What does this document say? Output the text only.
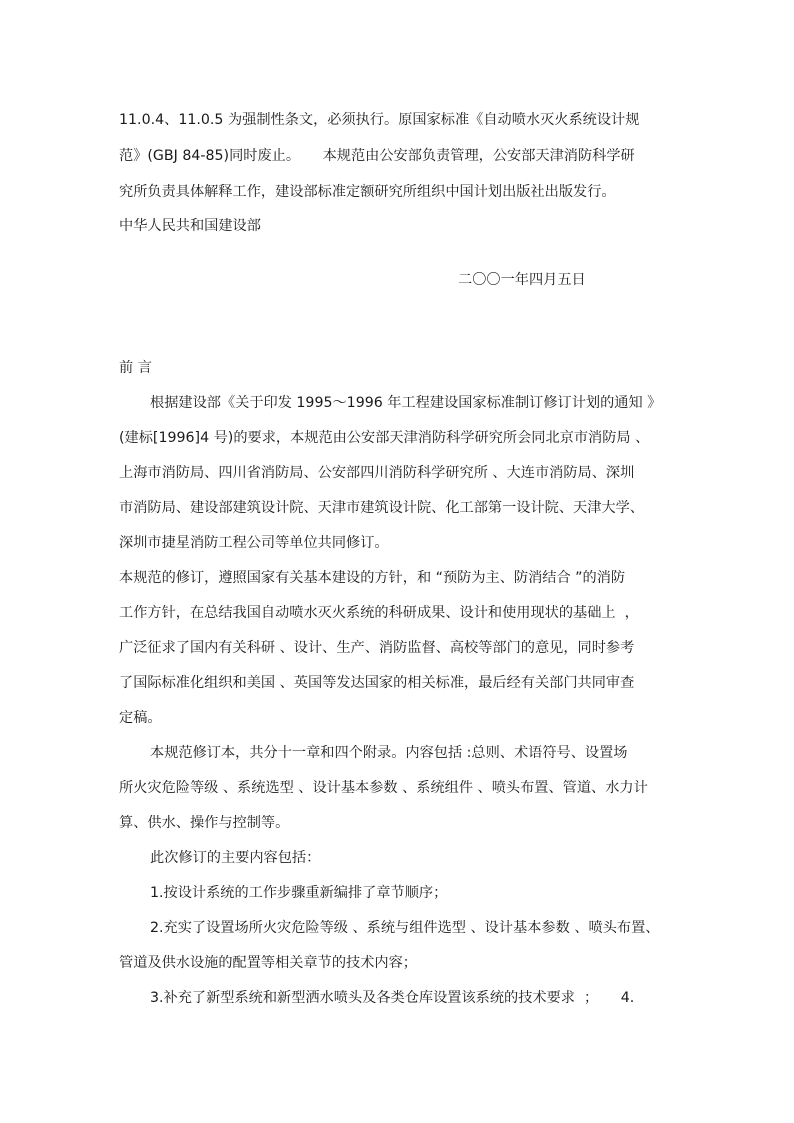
11.0.4、11.0.5 为强制性条文，必须执行。原国家标准《自动喷水灭火系统设计规
范》(GBJ 84-85)同时废止。     本规范由公安部负责管理，公安部天津消防科学研
究所负责具体解释工作，建设部标准定额研究所组织中国计划出版社出版发行。
中华人民共和国建设部
二〇〇一年四月五日
前 言
根据建设部《关于印发 1995～1996 年工程建设国家标准制订修订计划的通知 》
(建标[1996]4 号)的要求，本规范由公安部天津消防科学研究所会同北京市消防局 、
上海市消防局、四川省消防局、公安部四川消防科学研究所 、大连市消防局、深圳
市消防局、建设部建筑设计院、天津市建筑设计院、化工部第一设计院、天津大学、
深圳市捷星消防工程公司等单位共同修订。
本规范的修订，遵照国家有关基本建设的方针，和 “预防为主、防消结合 ”的消防
工作方针，在总结我国自动喷水灭火系统的科研成果、设计和使用现状的基础上  ，
广泛征求了国内有关科研 、设计、生产、消防监督、高校等部门的意见，同时参考
了国际标准化组织和美国 、英国等发达国家的相关标准，最后经有关部门共同审查
定稿。
本规范修订本，共分十一章和四个附录。内容包括 :总则、术语符号、设置场
所火灾危险等级 、系统选型 、设计基本参数 、系统组件 、喷头布置、管道、水力计
算、供水、操作与控制等。
此次修订的主要内容包括：
1.按设计系统的工作步骤重新编排了章节顺序；
2.充实了设置场所火灾危险等级 、系统与组件选型 、设计基本参数 、喷头布置、
管道及供水设施的配置等相关章节的技术内容；
3.补充了新型系统和新型洒水喷头及各类仓库设置该系统的技术要求  ；     4.
